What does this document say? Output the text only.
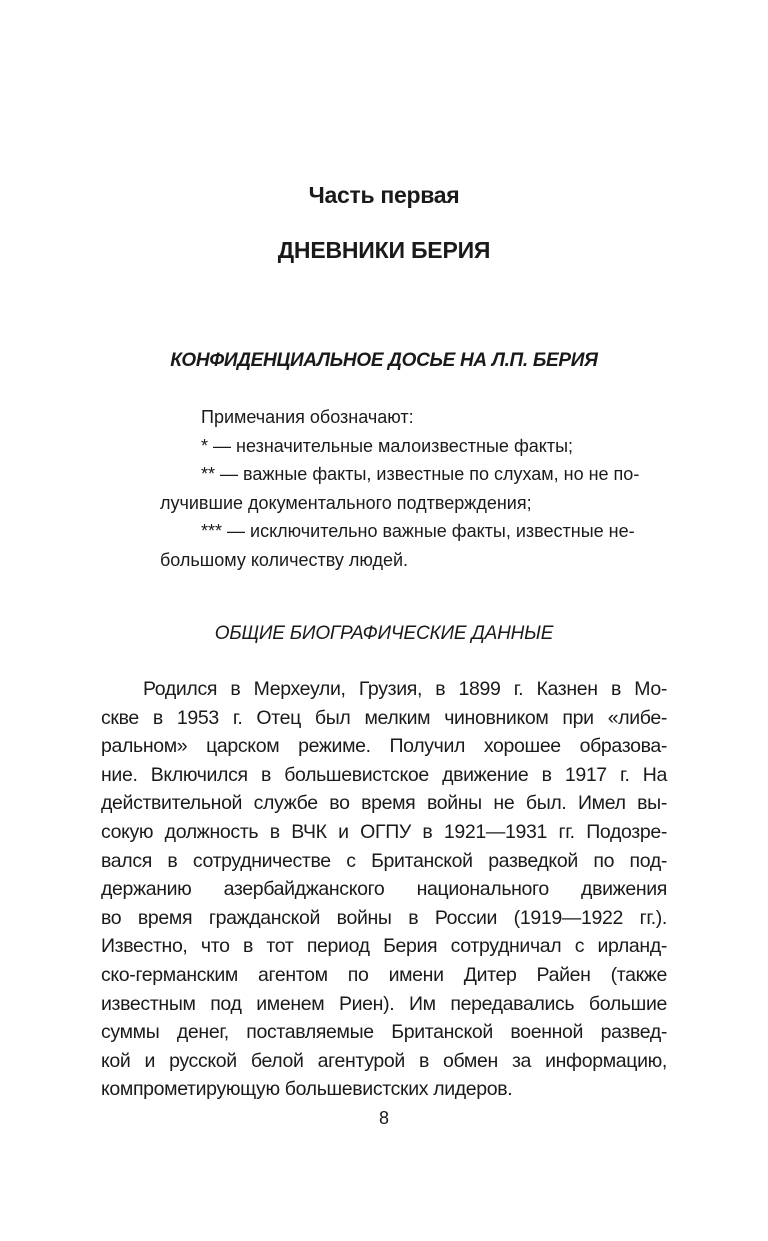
Часть первая
ДНЕВНИКИ БЕРИЯ
КОНФИДЕНЦИАЛЬНОЕ ДОСЬЕ НА Л.П. БЕРИЯ
Примечания обозначают:
* — незначительные малоизвестные факты;
** — важные факты, известные по слухам, но не по-
лучившие документального подтверждения;
*** — исключительно важные факты, известные не-
большому количеству людей.
ОБЩИЕ БИОГРАФИЧЕСКИЕ ДАННЫЕ
Родился в Мерхеули, Грузия, в 1899 г. Казнен в Мо-
скве в 1953 г. Отец был мелким чиновником при «либе-
ральном» царском режиме. Получил хорошее образова-
ние. Включился в большевистское движение в 1917 г. На
действительной службе во время войны не был. Имел вы-
сокую должность в ВЧК и ОГПУ в 1921—1931 гг. Подозре-
вался в сотрудничестве с Британской разведкой по под-
держанию азербайджанского национального движения
во время гражданской войны в России (1919—1922 гг.).
Известно, что в тот период Берия сотрудничал с ирланд-
ско-германским агентом по имени Дитер Райен (также
известным под именем Риен). Им передавались большие
суммы денег, поставляемые Британской военной развед-
кой и русской белой агентурой в обмен за информацию,
компрометирующую большевистских лидеров.
8
